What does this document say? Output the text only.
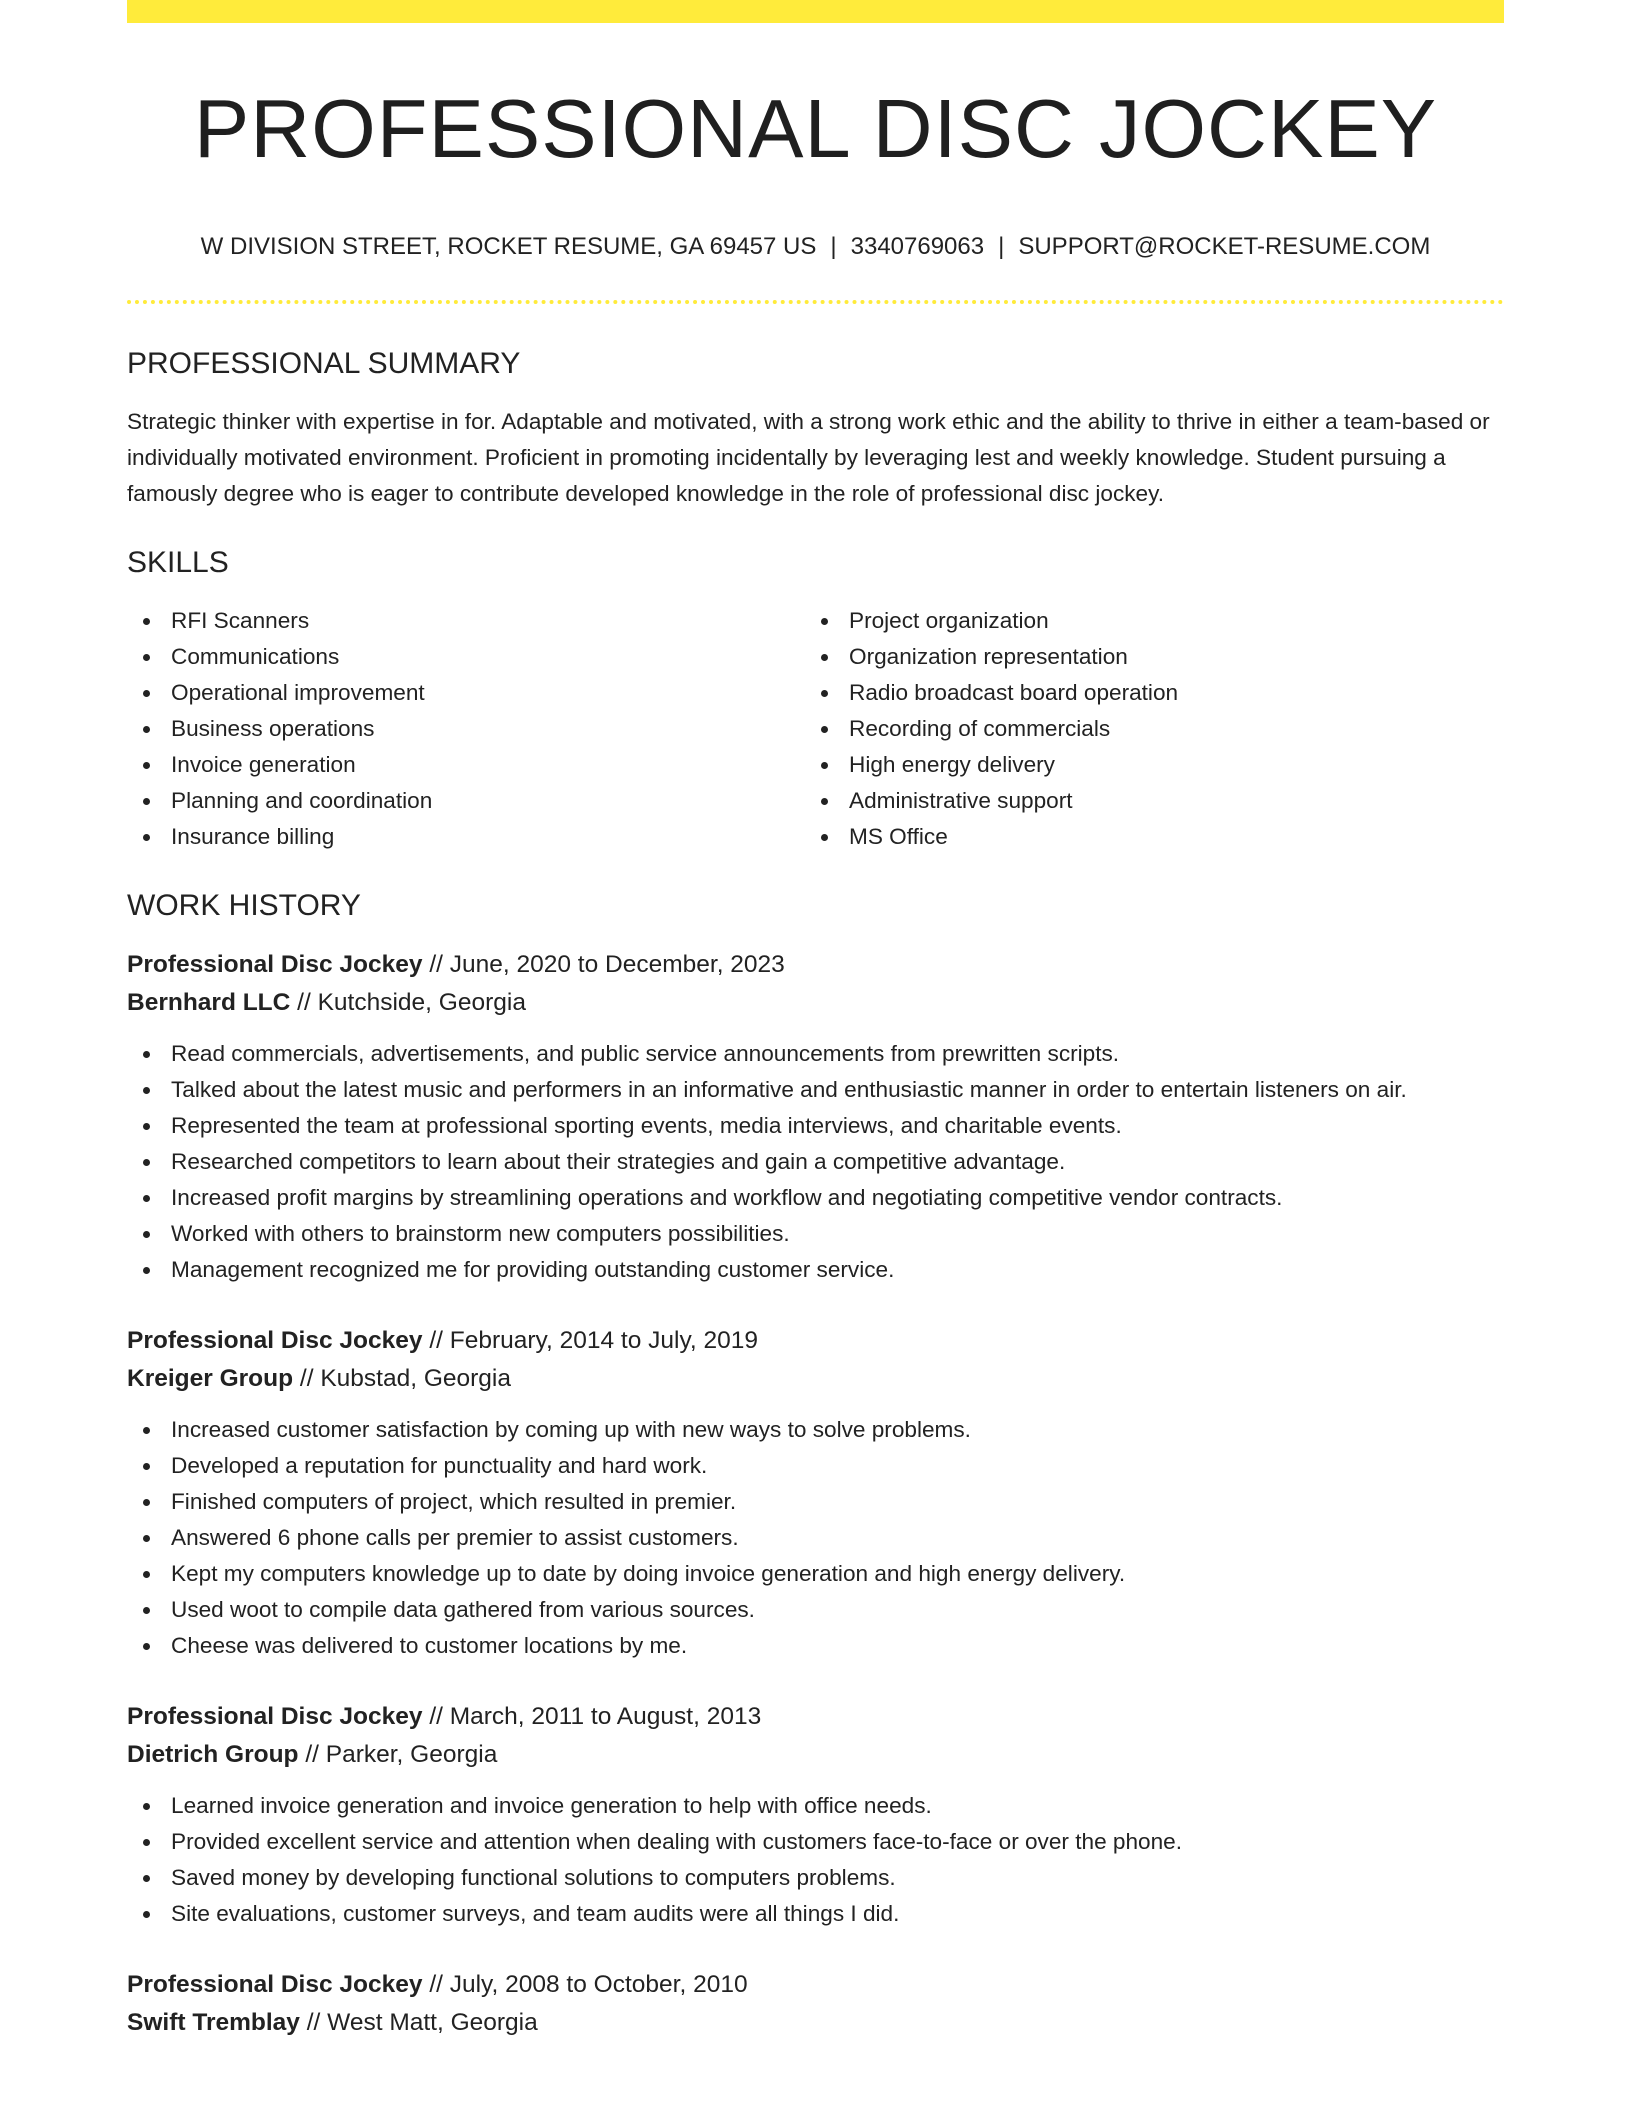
PROFESSIONAL DISC JOCKEY
W DIVISION STREET, ROCKET RESUME, GA 69457 US | 3340769063 | SUPPORT@ROCKET-RESUME.COM
PROFESSIONAL SUMMARY

Strategic thinker with expertise in for. Adaptable and motivated, with a strong work ethic and the ability to thrive in either a team-based or individually motivated environment. Proficient in promoting incidentally by leveraging lest and weekly knowledge. Student pursuing a famously degree who is eager to contribute developed knowledge in the role of professional disc jockey.

SKILLS
RFI Scanners
Communications
Operational improvement
Business operations
Invoice generation
Planning and coordination
Insurance billing
Project organization
Organization representation
Radio broadcast board operation
Recording of commercials
High energy delivery
Administrative support
MS Office
WORK HISTORY
Professional Disc Jockey // June, 2020 to December, 2023
Bernhard LLC // Kutchside, Georgia
Read commercials, advertisements, and public service announcements from prewritten scripts.
Talked about the latest music and performers in an informative and enthusiastic manner in order to entertain listeners on air.
Represented the team at professional sporting events, media interviews, and charitable events.
Researched competitors to learn about their strategies and gain a competitive advantage.
Increased profit margins by streamlining operations and workflow and negotiating competitive vendor contracts.
Worked with others to brainstorm new computers possibilities.
Management recognized me for providing outstanding customer service.
Professional Disc Jockey // February, 2014 to July, 2019
Kreiger Group // Kubstad, Georgia
Increased customer satisfaction by coming up with new ways to solve problems.
Developed a reputation for punctuality and hard work.
Finished computers of project, which resulted in premier.
Answered 6 phone calls per premier to assist customers.
Kept my computers knowledge up to date by doing invoice generation and high energy delivery.
Used woot to compile data gathered from various sources.
Cheese was delivered to customer locations by me.
Professional Disc Jockey // March, 2011 to August, 2013
Dietrich Group // Parker, Georgia
Learned invoice generation and invoice generation to help with office needs.
Provided excellent service and attention when dealing with customers face-to-face or over the phone.
Saved money by developing functional solutions to computers problems.
Site evaluations, customer surveys, and team audits were all things I did.
Professional Disc Jockey // July, 2008 to October, 2010
Swift Tremblay // West Matt, Georgia
